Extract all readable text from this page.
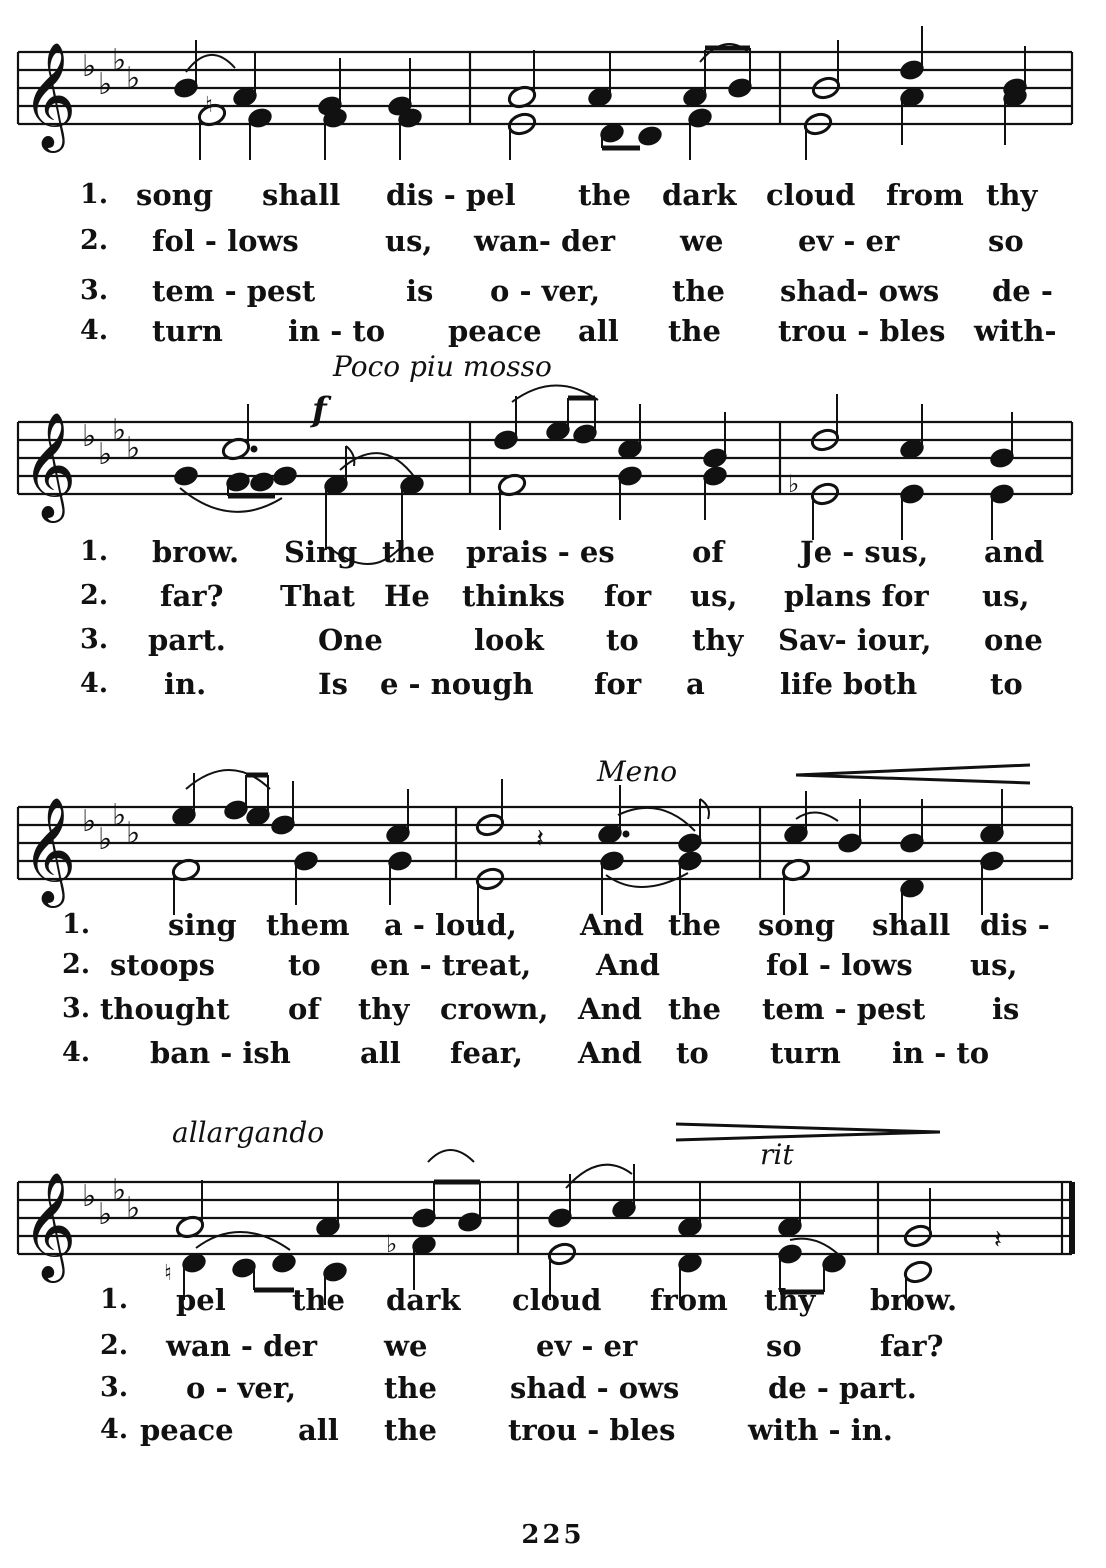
𝄞 ♭
♭
♭
♭
♮
1. song shall dis - pel the dark cloud from thy
2. fol - lows	us, wan- der we	ev - er	so
3. tem - pest	is o - ver, the shad- ows de -
4. turn in - to peace all the trou - bles with-
Poco piu mosso
f
𝄞 ♭
♭
♭
♭
♭
1. brow. Sing the prais - es	of	Je - sus, and
2. far? That He thinks for us, plans for us,
3. part.	One	look to thy Sav- iour, one
4. in.	Is e - nough for a	life both	to
Meno
𝄞 ♭
♭
♭
♭	𝄽
1.	sing them a - loud, And the song shall dis -
2. stoops	to en - treat, And	fol - lows us,
3. thought of thy crown, And the tem - pest is
4. ban - ish all fear, And to turn in - to
allargando
rit
𝄞 ♭
♭
♭
♭
♮
♭	𝄽
1. pel the dark cloud from thy brow.
2. wan - der we	ev - er	so	far?
3. o - ver,	the	shad - ows	de - part.
4. peace all the trou - bles	with - in.
225
